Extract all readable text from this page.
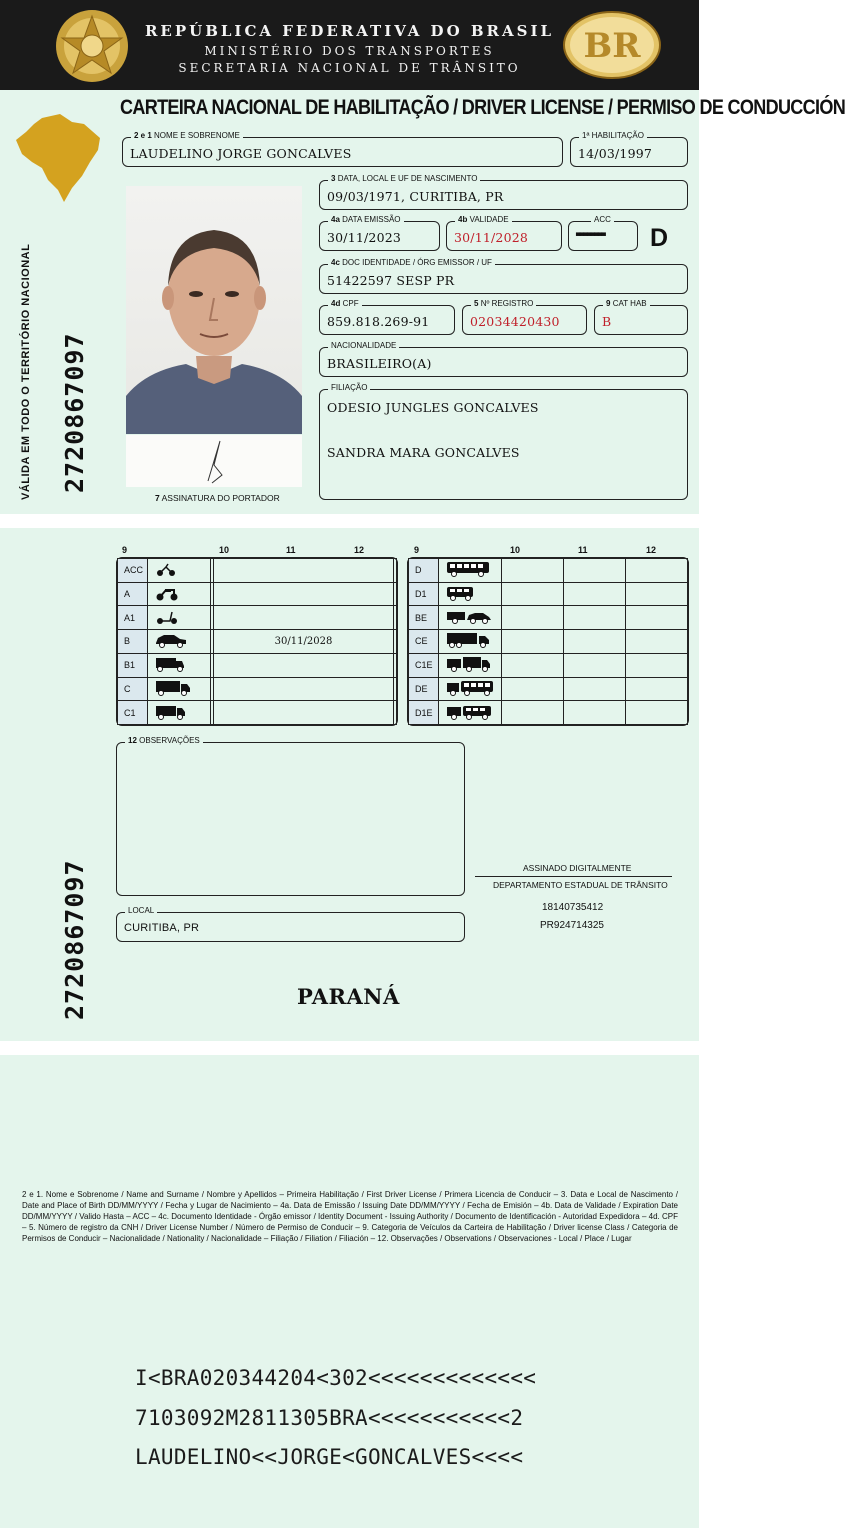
REPÚBLICA FEDERATIVA DO BRASIL
MINISTÉRIO DOS TRANSPORTES
SECRETARIA NACIONAL DE TRÂNSITO
BR
CARTEIRA NACIONAL DE HABILITAÇÃO / DRIVER LICENSE / PERMISO DE CONDUCCIÓN
VÁLIDA EM TODO O TERRITÓRIO NACIONAL 2720867097
2 e 1 NOME E SOBRENOME
LAUDELINO JORGE GONCALVES
1ª HABILITAÇÃO
14/03/1997
7 ASSINATURA DO PORTADOR
3 DATA, LOCAL E UF DE NASCIMENTO
09/03/1971, CURITIBA, PR
4a DATA EMISSÃO
30/11/2023
4b VALIDADE
30/11/2028
ACC
▀▀▀▀▀▀▀▀ D
4c DOC IDENTIDADE / ÓRG EMISSOR / UF
51422597 SESP PR
4d CPF
859.818.269-91
5 Nº REGISTRO
02034420430
9 CAT HAB
B
NACIONALIDADE
BRASILEIRO(A)
FILIAÇÃO
ODESIO JUNGLES GONCALVES
SANDRA MARA GONCALVES
9	10	11	12	9	10	11	12
ACC				
A				
A1				
B			30/11/2028	
B1				
C				
C1				
D				
D1				
BE				
CE				
C1E				
DE				
D1E				
12 OBSERVAÇÕES
LOCAL
CURITIBA, PR
ASSINADO DIGITALMENTE
DEPARTAMENTO ESTADUAL DE TRÂNSITO
18140735412
PR924714325
2720867097	PARANÁ
2 e 1. Nome e Sobrenome / Name and Surname / Nombre y Apellidos – Primeira Habilitação / First Driver License / Primera Licencia de Conducir – 3. Data e Local de Nascimento / Date and Place of Birth DD/MM/YYYY / Fecha y Lugar de Nacimiento – 4a. Data de Emissão / Issuing Date DD/MM/YYYY / Fecha de Emisión – 4b. Data de Validade / Expiration Date DD/MM/YYYY / Valido Hasta – ACC – 4c. Documento Identidade - Órgão emissor / Identity Document - Issuing Authority / Documento de Identificación - Autoridad Expedidora – 4d. CPF – 5. Número de registro da CNH / Driver License Number / Número de Permiso de Conducir – 9. Categoria de Veículos da Carteira de Habilitação / Driver license Class / Categoria de Permisos de Conducir – Nacionalidade / Nationality / Nacionalidade – Filiação / Filiation / Filiación – 12. Observações / Observations / Observaciones - Local / Place / Lugar
I<BRA020344204<302<<<<<<<<<<<<<
7103092M2811305BRA<<<<<<<<<<<2
LAUDELINO<<JORGE<GONCALVES<<<<
